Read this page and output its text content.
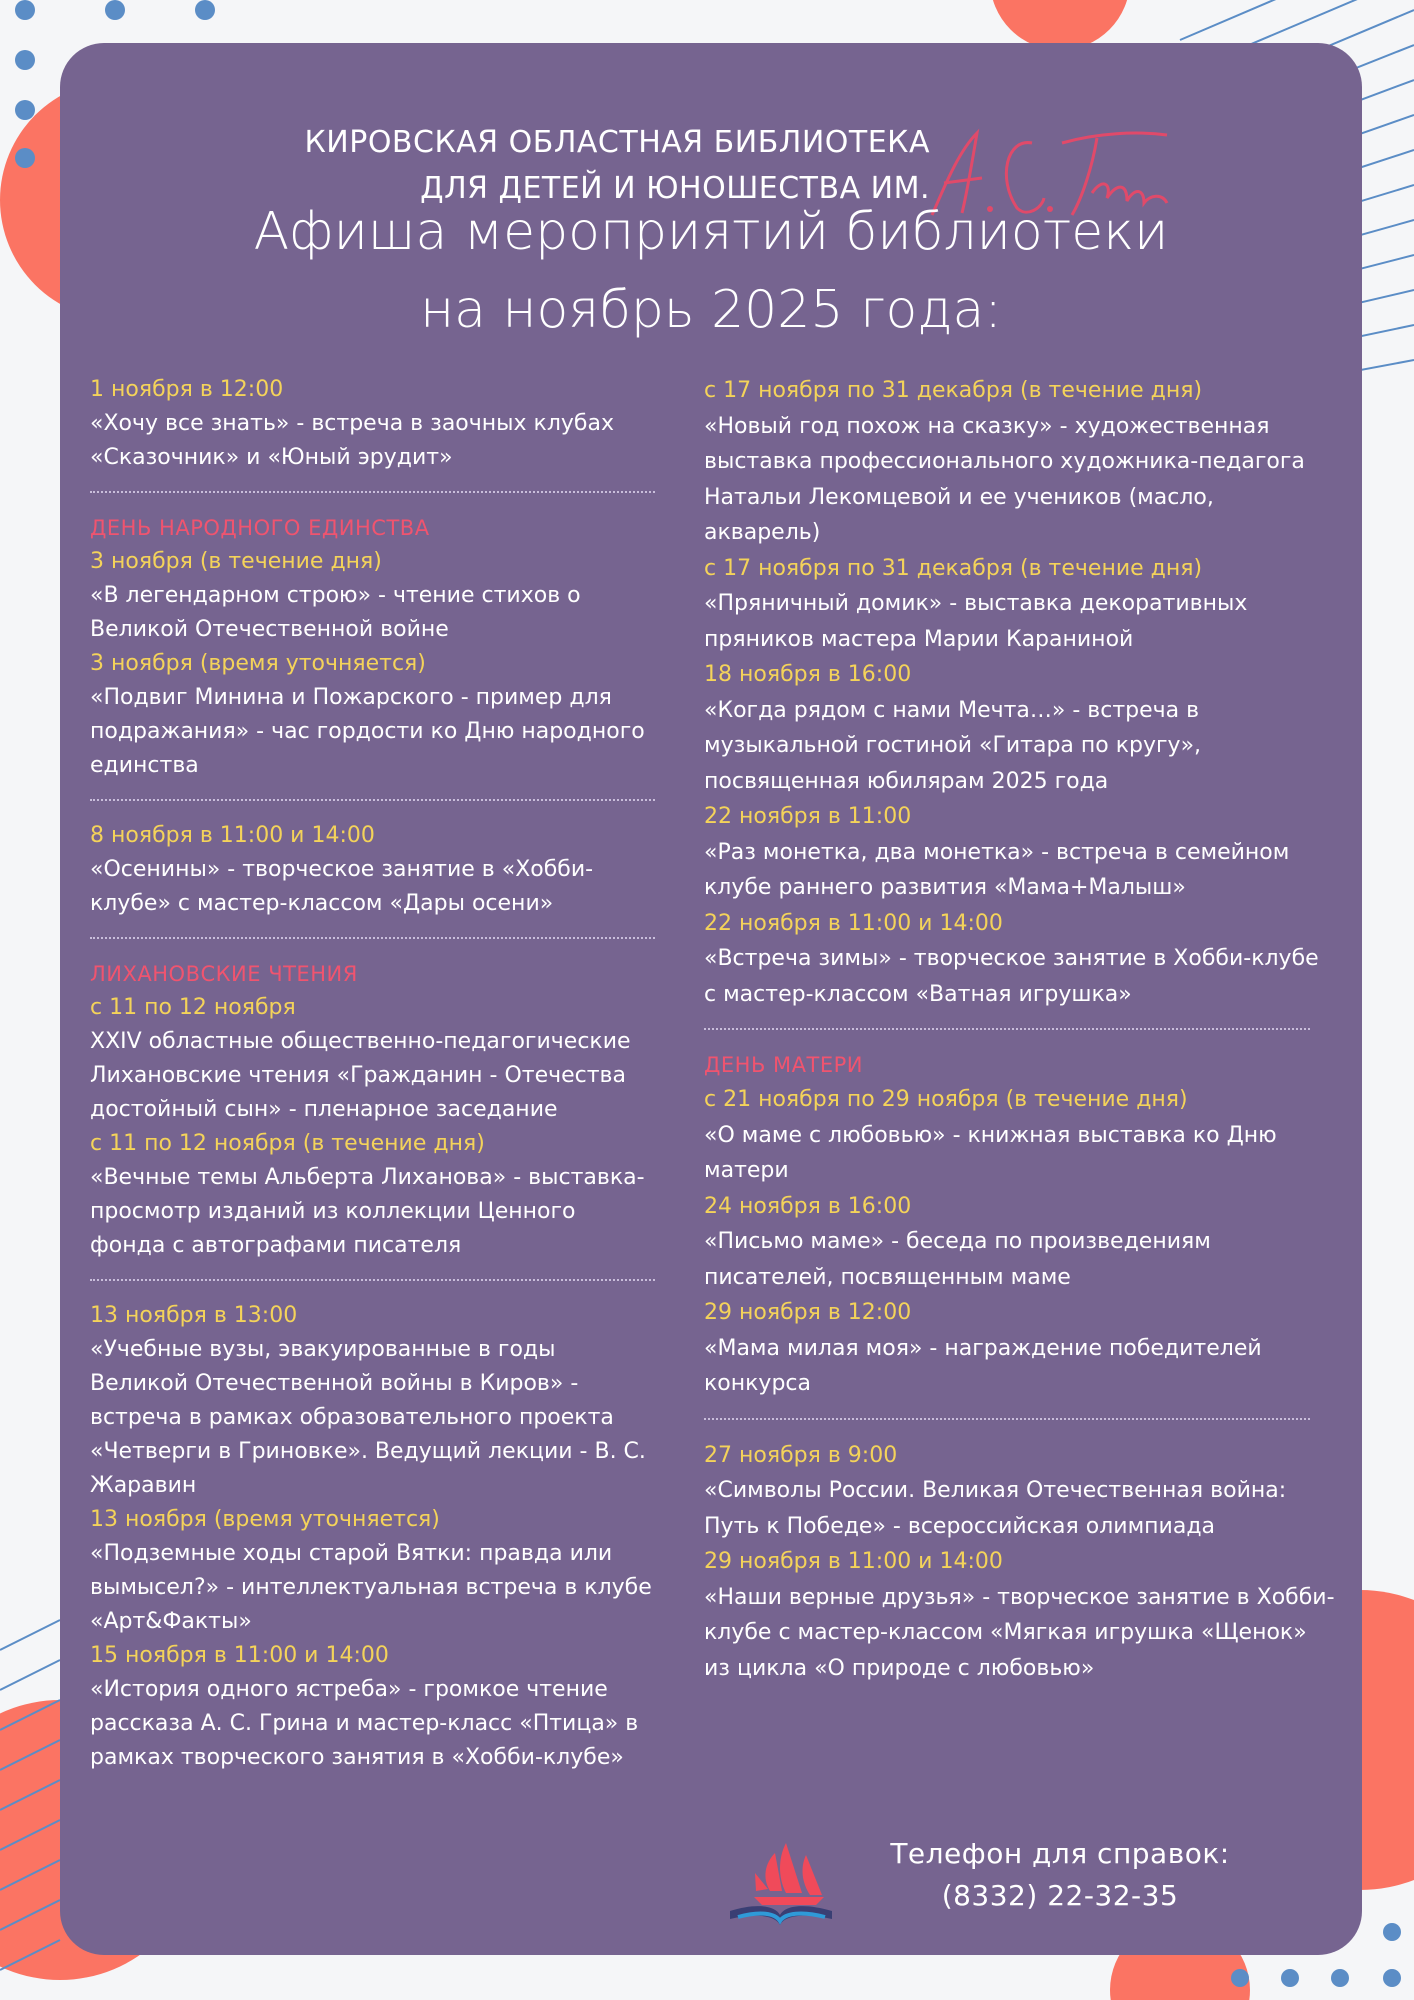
КИРОВСКАЯ ОБЛАСТНАЯ БИБЛИОТЕКА
ДЛЯ ДЕТЕЙ И ЮНОШЕСТВА ИМ.
Афиша мероприятий библиотеки
на ноябрь 2025 года:
1 ноября в 12:00
«Хочу все знать» - встреча в заочных клубах «Сказочник» и «Юный эрудит»
ДЕНЬ НАРОДНОГО ЕДИНСТВА
3 ноября (в течение дня)
«В легендарном строю» - чтение стихов о Великой Отечественной войне
3 ноября (время уточняется)
«Подвиг Минина и Пожарского - пример для подражания» - час гордости ко Дню народного единства
8 ноября в 11:00 и 14:00
«Осенины» - творческое занятие в «Хобби-клубе» с мастер-классом «Дары осени»
ЛИХАНОВСКИЕ ЧТЕНИЯ
с 11 по 12 ноября
XXIV областные общественно-педагогические Лихановские чтения «Гражданин - Отечества достойный сын» - пленарное заседание
с 11 по 12 ноября (в течение дня)
«Вечные темы Альберта Лиханова» - выставка-просмотр изданий из коллекции Ценного фонда с автографами писателя
13 ноября в 13:00
«Учебные вузы, эвакуированные в годы Великой Отечественной войны в Киров» - встреча в рамках образовательного проекта «Четверги в Гриновке». Ведущий лекции - В. С. Жаравин
13 ноября (время уточняется)
«Подземные ходы старой Вятки: правда или вымысел?» - интеллектуальная встреча в клубе «Арт&Факты»
15 ноября в 11:00 и 14:00
«История одного ястреба» - громкое чтение рассказа А. С. Грина и мастер-класс «Птица» в рамках творческого занятия в «Хобби-клубе»
с 17 ноября по 31 декабря (в течение дня)
«Новый год похож на сказку» - художественная выставка профессионального художника-педагога Натальи Лекомцевой и ее учеников (масло, акварель)
с 17 ноября по 31 декабря (в течение дня)
«Пряничный домик» - выставка декоративных пряников мастера Марии Караниной
18 ноября в 16:00
«Когда рядом с нами Мечта…» - встреча в музыкальной гостиной «Гитара по кругу», посвященная юбилярам 2025 года
22 ноября в 11:00
«Раз монетка, два монетка» - встреча в семейном клубе раннего развития «Мама+Малыш»
22 ноября в 11:00 и 14:00
«Встреча зимы» - творческое занятие в Хобби-клубе с мастер-классом «Ватная игрушка»
ДЕНЬ МАТЕРИ
с 21 ноября по 29 ноября (в течение дня)
«О маме с любовью» - книжная выставка ко Дню матери
24 ноября в 16:00
«Письмо маме» - беседа по произведениям писателей, посвященным маме
29 ноября в 12:00
«Мама милая моя» - награждение победителей конкурса
27 ноября в 9:00
«Символы России. Великая Отечественная война: Путь к Победе» - всероссийская олимпиада
29 ноября в 11:00 и 14:00
«Наши верные друзья» - творческое занятие в Хобби-клубе с мастер-классом «Мягкая игрушка «Щенок» из цикла «О природе с любовью»
Телефон для справок:
(8332) 22-32-35
